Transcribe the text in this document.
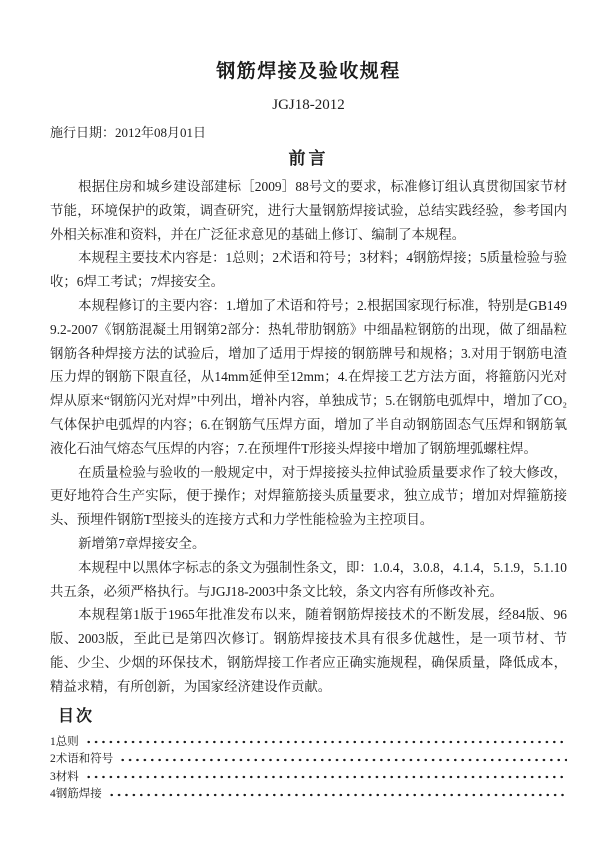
钢筋焊接及验收规程
JGJ18-2012
施行日期：2012年08月01日
前言

根据住房和城乡建设部建标［2009］88号文的要求，标准修订组认真贯彻国家节材节能，环境保护的政策，调查研究，进行大量钢筋焊接试验，总结实践经验，参考国内外相关标准和资料，并在广泛征求意见的基础上修订、编制了本规程。

本规程主要技术内容是：1总则；2术语和符号；3材料；4钢筋焊接；5质量检验与验收；6焊工考试；7焊接安全。

本规程修订的主要内容：1.增加了术语和符号；2.根据国家现行标准，特别是GB1499.2-2007《钢筋混凝土用钢第2部分：热轧带肋钢筋》中细晶粒钢筋的出现，做了细晶粒钢筋各种焊接方法的试验后，增加了适用于焊接的钢筋牌号和规格；3.对用于钢筋电渣压力焊的钢筋下限直径，从14mm延伸至12mm；4.在焊接工艺方法方面，将箍筋闪光对焊从原来“钢筋闪光对焊”中列出，增补内容，单独成节；5.在钢筋电弧焊中，增加了CO₂气体保护电弧焊的内容；6.在钢筋气压焊方面，增加了半自动钢筋固态气压焊和钢筋氧液化石油气熔态气压焊的内容；7.在预埋件T形接头焊接中增加了钢筋埋弧螺柱焊。

在质量检验与验收的一般规定中，对于焊接接头拉伸试验质量要求作了较大修改，更好地符合生产实际，便于操作；对焊箍筋接头质量要求，独立成节；增加对焊箍筋接头、预埋件钢筋T型接头的连接方式和力学性能检验为主控项目。

新增第7章焊接安全。

本规程中以黑体字标志的条文为强制性条文，即：1.0.4，3.0.8，4.1.4，5.1.9，5.1.10共五条，必须严格执行。与JGJ18-2003中条文比较，条文内容有所修改补充。

本规程第1版于1965年批准发布以来，随着钢筋焊接技术的不断发展，经84版、96版、2003版，至此已是第四次修订。钢筋焊接技术具有很多优越性，是一项节材、节能、少尘、少烟的环保技术，钢筋焊接工作者应正确实施规程，确保质量，降低成本，精益求精，有所创新，为国家经济建设作贡献。

目次
1总则
2术语和符号
3材料
4钢筋焊接
